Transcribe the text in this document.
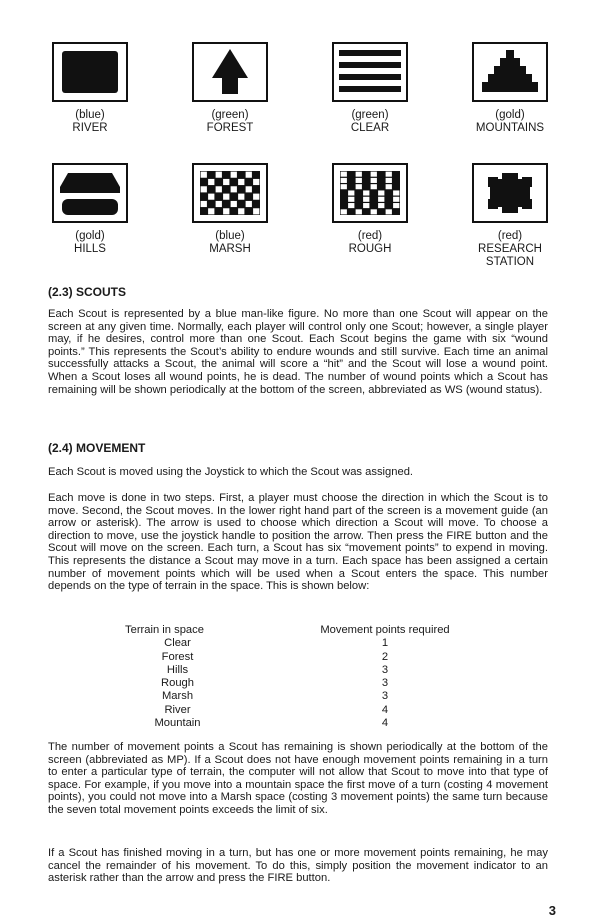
(blue)
RIVER
(green)
FOREST
(green)
CLEAR
(gold)
MOUNTAINS
(gold)
HILLS
(blue)
MARSH
(red)
ROUGH
(red)
RESEARCH
STATION
(2.3) SCOUTS

Each Scout is represented by a blue man-like figure. No more than one Scout will appear on the screen at any given time. Normally, each player will control only one Scout; however, a single player may, if he desires, control more than one Scout. Each Scout begins the game with six “wound points.” This represents the Scout’s ability to endure wounds and still survive. Each time an animal successfully attacks a Scout, the animal will score a “hit” and the Scout will lose a wound point. When a Scout loses all wound points, he is dead. The number of wound points which a Scout has remaining will be shown periodically at the bottom of the screen, abbreviated as WS (wound status).

(2.4) MOVEMENT

Each Scout is moved using the Joystick to which the Scout was assigned.

Each move is done in two steps. First, a player must choose the direction in which the Scout is to move. Second, the Scout moves. In the lower right hand part of the screen is a movement guide (an arrow or asterisk). The arrow is used to choose which direction a Scout will move. To choose a direction to move, use the joystick handle to position the arrow. Then press the FIRE button and the Scout will move on the screen. Each turn, a Scout has six “movement points” to expend in moving. This represents the distance a Scout may move in a turn. Each space has been assigned a certain number of movement points which will be used when a Scout enters the space. This number depends on the type of terrain in the space. This is shown below:

Terrain in space
Clear
Forest
Hills
Rough
Marsh
River
Mountain
Movement points required
1
2
3
3
3
4
4

The number of movement points a Scout has remaining is shown periodically at the bottom of the screen (abbreviated as MP). If a Scout does not have enough movement points remaining in a turn to enter a particular type of terrain, the computer will not allow that Scout to move into that type of space. For example, if you move into a mountain space the first move of a turn (costing 4 movement points), you could not move into a Marsh space (costing 3 movement points) the same turn because the seven total movement points exceeds the limit of six.

If a Scout has finished moving in a turn, but has one or more movement points remaining, he may cancel the remainder of his movement. To do this, simply position the movement indicator to an asterisk rather than the arrow and press the FIRE button.

3
